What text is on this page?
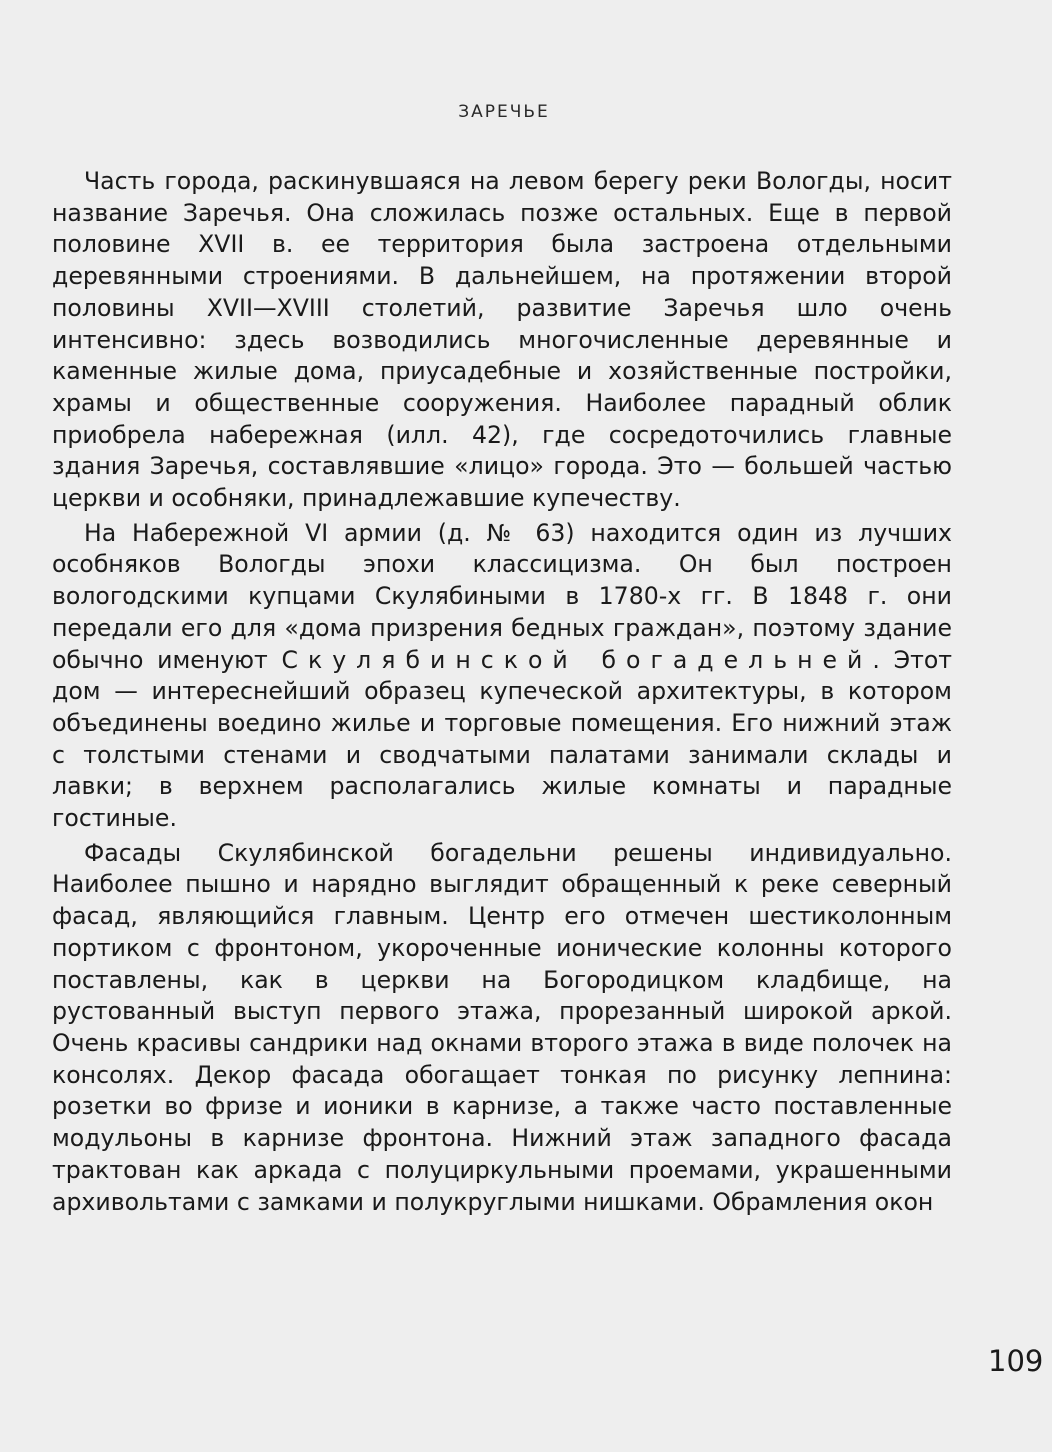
ЗАРЕЧЬЕ

Часть города, раскинувшаяся на левом берегу реки Вологды, носит название Заречья. Она сложилась позже остальных. Еще в первой половине XVII в. ее территория была застроена отдельными деревянными строениями. В дальнейшем, на протяжении второй половины XVII—XVIII столетий, развитие Заречья шло очень интенсивно: здесь возводились многочисленные деревянные и каменные жилые дома, приусадебные и хозяйственные постройки, храмы и общественные сооружения. Наиболее парадный облик приобрела набережная (илл. 42), где сосредоточились главные здания Заречья, составлявшие «лицо» города. Это — большей частью церкви и особняки, принадлежавшие купечеству.

На Набережной VI армии (д. № 63) находится один из лучших особняков Вологды эпохи классицизма. Он был построен вологодскими купцами Скулябиными в 1780-х гг. В 1848 г. они передали его для «дома призрения бедных граждан», поэтому здание обычно именуют Скулябинской богадельней. Этот дом — интереснейший образец купеческой архитектуры, в котором объединены воедино жилье и торговые помещения. Его нижний этаж с толстыми стенами и сводчатыми палатами занимали склады и лавки; в верхнем располагались жилые комнаты и парадные гостиные.

Фасады Скулябинской богадельни решены индивидуально. Наиболее пышно и нарядно выглядит обращенный к реке северный фасад, являющийся главным. Центр его отмечен шестиколонным портиком с фронтоном, укороченные ионические колонны которого поставлены, как в церкви на Богородицком кладбище, на рустованный выступ первого этажа, прорезанный широкой аркой. Очень красивы сандрики над окнами второго этажа в виде полочек на консолях. Декор фасада обогащает тонкая по рисунку лепнина: розетки во фризе и ионики в карнизе, а также часто поставленные модульоны в карнизе фронтона. Нижний этаж западного фасада трактован как аркада с полуциркульными проемами, украшенными архивольтами с замками и полукруглыми нишками. Обрамления окон

109
